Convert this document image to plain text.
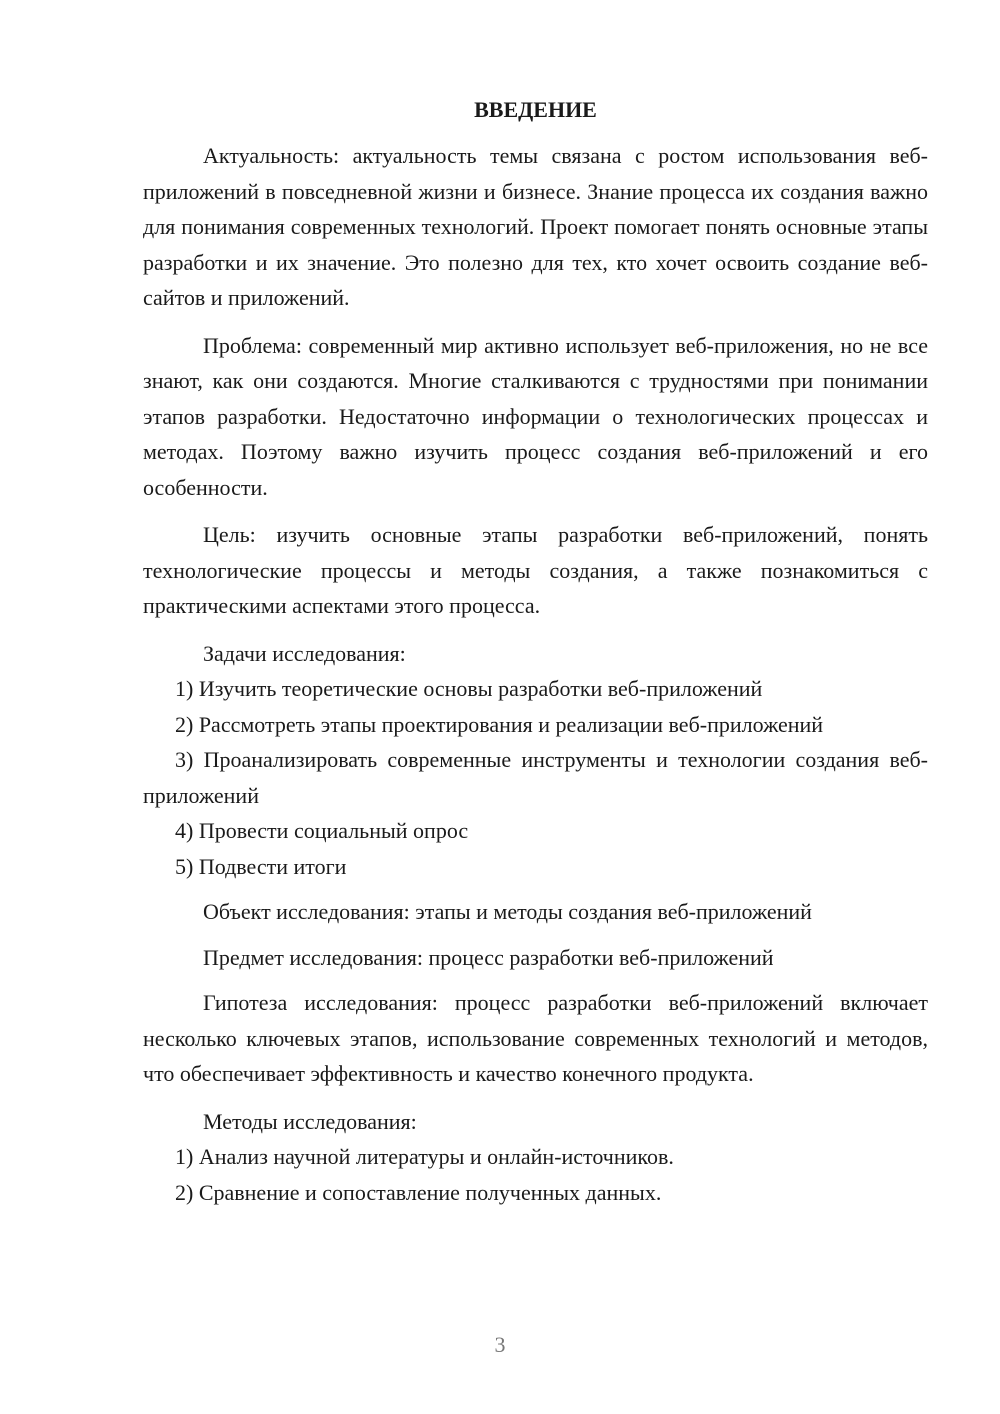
ВВЕДЕНИЕ

Актуальность: актуальность темы связана с ростом использования веб-приложений в повседневной жизни и бизнесе. Знание процесса их создания важно для понимания современных технологий. Проект помогает понять основные этапы разработки и их значение. Это полезно для тех, кто хочет освоить создание веб-сайтов и приложений.

Проблема: современный мир активно использует веб-приложения, но не все знают, как они создаются. Многие сталкиваются с трудностями при понимании этапов разработки. Недостаточно информации о технологических процессах и методах. Поэтому важно изучить процесс создания веб-приложений и его особенности.

Цель: изучить основные этапы разработки веб-приложений, понять технологические процессы и методы создания, а также познакомиться с практическими аспектами этого процесса.

Задачи исследования:

1) Изучить теоретические основы разработки веб-приложений

2) Рассмотреть этапы проектирования и реализации веб-приложений

3) Проанализировать современные инструменты и технологии создания веб-приложений

4) Провести социальный опрос

5) Подвести итоги

Объект исследования: этапы и методы создания веб-приложений

Предмет исследования: процесс разработки веб-приложений

Гипотеза исследования: процесс разработки веб-приложений включает несколько ключевых этапов, использование современных технологий и методов, что обеспечивает эффективность и качество конечного продукта.

Методы исследования:

1) Анализ научной литературы и онлайн-источников.

2) Сравнение и сопоставление полученных данных.

3
